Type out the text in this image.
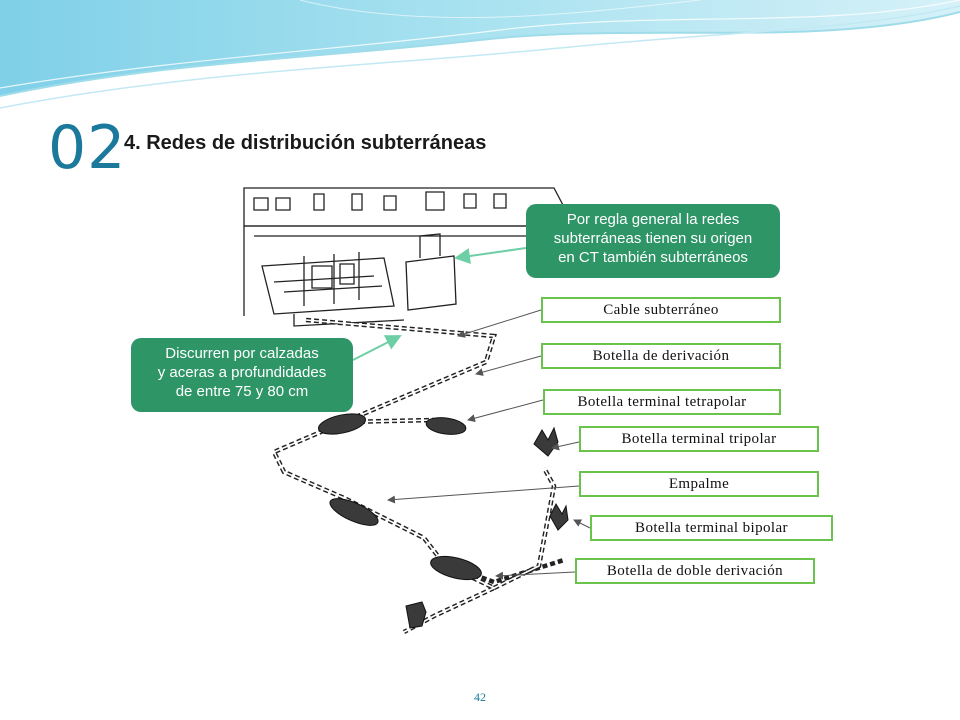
02
4. Redes de distribución subterráneas
Por regla general la redes
subterráneas tienen su origen
en CT también subterráneos
Discurren por calzadas
y aceras a profundidades
de entre 75 y 80 cm
Cable subterráneo
Botella de derivación
Botella terminal tetrapolar
Botella terminal tripolar
Empalme
Botella terminal bipolar
Botella de doble derivación
42
